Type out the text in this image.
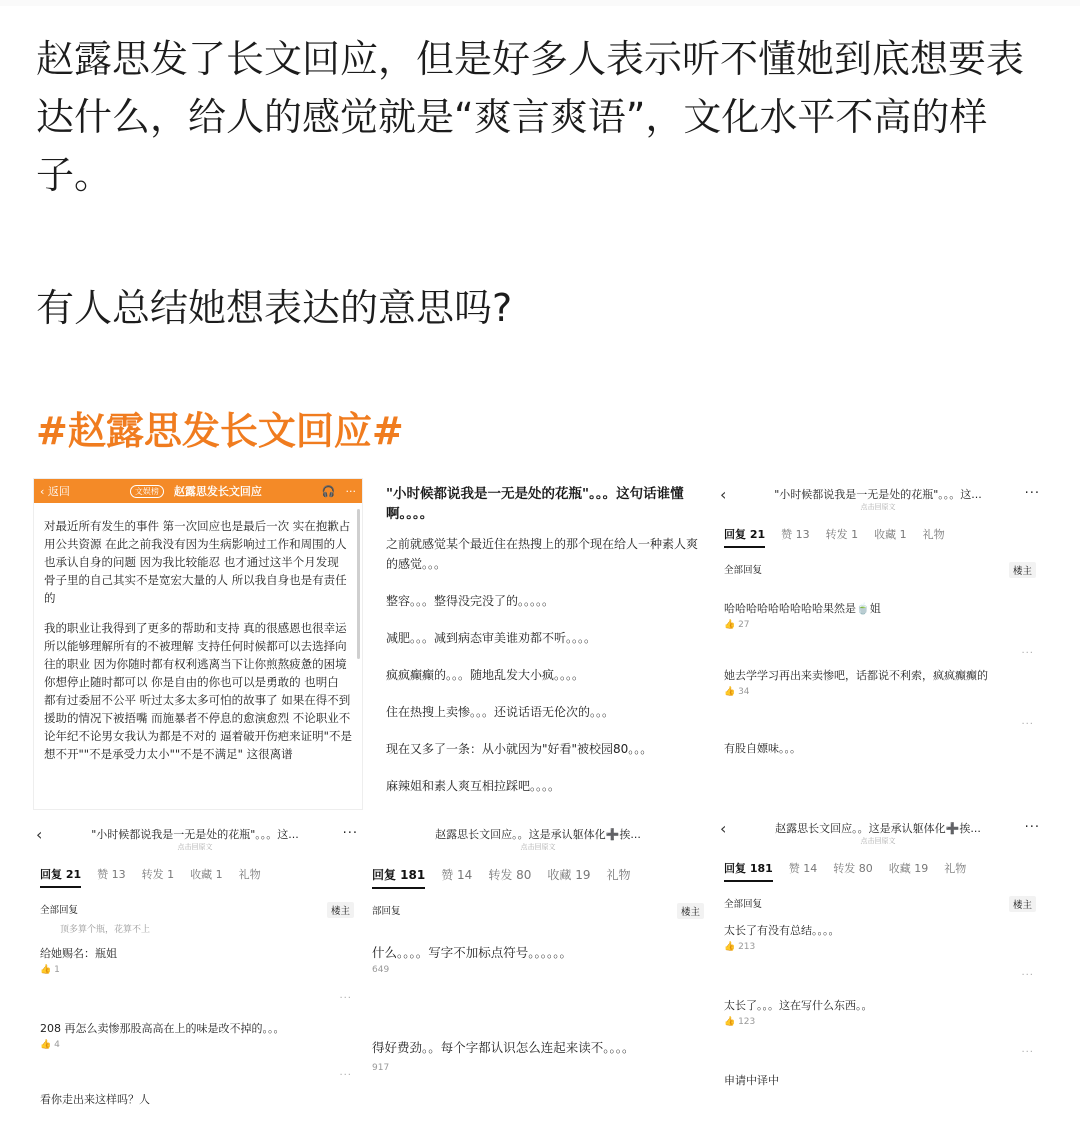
赵露思发了长文回应，但是好多人表示听不懂她到底想要表达什么，给人的感觉就是“爽言爽语”，文化水平不高的样子。

有人总结她想表达的意思吗?
#赵露思发长文回应#
‹ 返回	文娱榜	赵露思发长文回应	🎧 ···
对最近所有发生的事件 第一次回应也是最后一次 实在抱歉占用公共资源 在此之前我没有因为生病影响过工作和周围的人 也承认自身的问题 因为我比较能忍 也才通过这半个月发现 骨子里的自己其实不是宽宏大量的人 所以我自身也是有责任的
我的职业让我得到了更多的帮助和支持 真的很感恩也很幸运 所以能够理解所有的不被理解 支持任何时候都可以去选择向往的职业 因为你随时都有权利逃离当下让你煎熬疲惫的困境 你想停止随时都可以 你是自由的你也可以是勇敢的 也明白 都有过委屈不公平 听过太多太多可怕的故事了 如果在得不到援助的情况下被捂嘴 而施暴者不停息的愈演愈烈 不论职业不论年纪不论男女我认为都是不对的 逼着破开伤疤来证明"不是想不开""不是承受力太小""不是不满足" 这很离谱
"小时候都说我是一无是处的花瓶"。。。这句话谁懂啊。。。。
之前就感觉某个最近住在热搜上的那个现在给人一种素人爽的感觉。。。
整容。。。整得没完没了的。。。。。
减肥。。。减到病态审美谁劝都不听。。。。
疯疯癫癫的。。。随地乱发大小疯。。。。
住在热搜上卖惨。。。还说话语无伦次的。。。
现在又多了一条：从小就因为"好看"被校园80。。。
麻辣姐和素人爽互相拉踩吧。。。。
‹	"小时候都说我是一无是处的花瓶"。。。这...
点击回原文
···
回复 21 赞 13 转发 1 收藏 1 礼物
全部回复	楼主
哈哈哈哈哈哈哈哈哈果然是🍵姐
👍 27
···
她去学学习再出来卖惨吧，话都说不利索，疯疯癫癫的
👍 34
···
有股自嫖味。。。
‹	"小时候都说我是一无是处的花瓶"。。。这...
点击回原文
···
回复 21 赞 13 转发 1 收藏 1 礼物
全部回复	楼主
顶多算个瓶，花算不上
给她赐名：瓶姐
👍 1
···
208 再怎么卖惨那股高高在上的味是改不掉的。。。
👍 4
···
看你走出来这样吗？人
赵露思长文回应。。这是承认躯体化➕挨...
点击回原文
回复 181 赞 14 转发 80 收藏 19 礼物
部回复	楼主
什么。。。。写字不加标点符号。。。。。。
649
得好费劲。。每个字都认识怎么连起来读不。。。。
917
‹	赵露思长文回应。。这是承认躯体化➕挨...
点击回原文
···
回复 181 赞 14 转发 80 收藏 19 礼物
全部回复	楼主
太长了有没有总结。。。。
👍 213
···
太长了。。。这在写什么东西。。
👍 123
···
申请中译中
